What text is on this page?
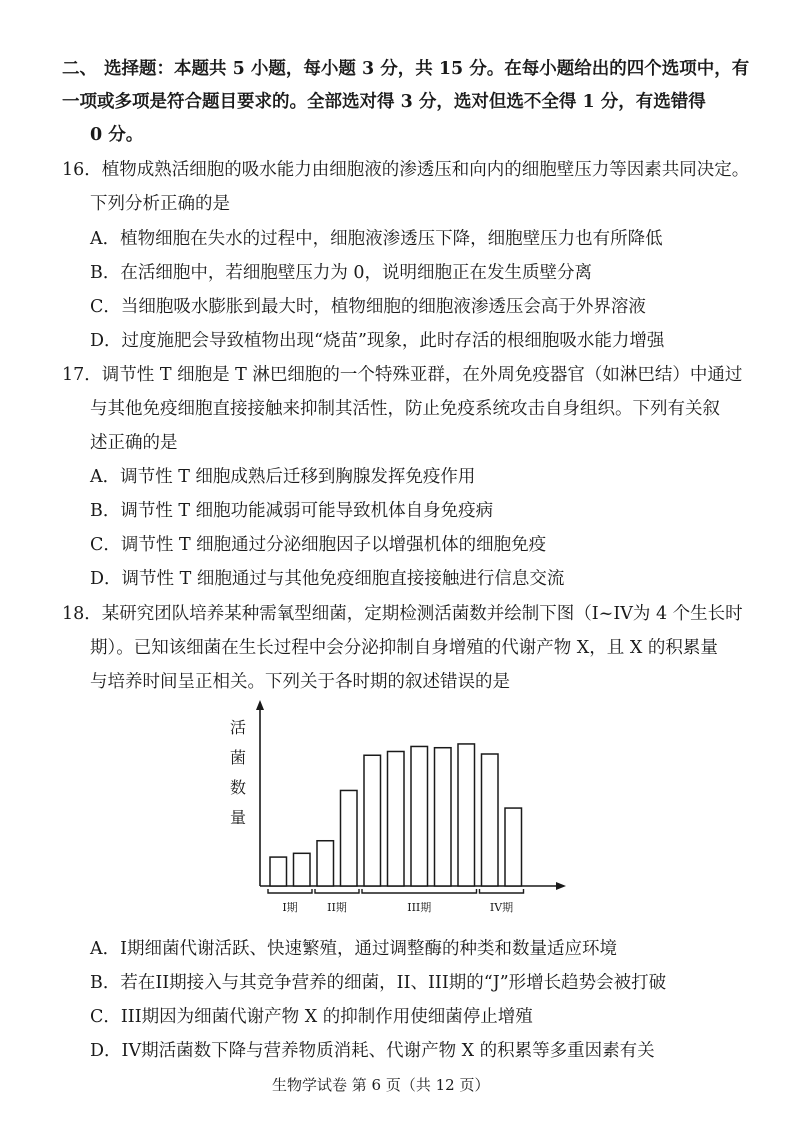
二、 选择题：本题共 5 小题，每小题 3 分，共 15 分。在每小题给出的四个选项中，有
一项或多项是符合题目要求的。全部选对得 3 分，选对但选不全得 1 分，有选错得
0 分。
16．植物成熟活细胞的吸水能力由细胞液的渗透压和向内的细胞壁压力等因素共同决定。
下列分析正确的是
A．植物细胞在失水的过程中，细胞液渗透压下降，细胞壁压力也有所降低
B．在活细胞中，若细胞壁压力为 0，说明细胞正在发生质壁分离
C．当细胞吸水膨胀到最大时，植物细胞的细胞液渗透压会高于外界溶液
D．过度施肥会导致植物出现“烧苗”现象，此时存活的根细胞吸水能力增强
17．调节性 T 细胞是 T 淋巴细胞的一个特殊亚群，在外周免疫器官（如淋巴结）中通过
与其他免疫细胞直接接触来抑制其活性，防止免疫系统攻击自身组织。下列有关叙
述正确的是
A．调节性 T 细胞成熟后迁移到胸腺发挥免疫作用
B．调节性 T 细胞功能减弱可能导致机体自身免疫病
C．调节性 T 细胞通过分泌细胞因子以增强机体的细胞免疫
D．调节性 T 细胞通过与其他免疫细胞直接接触进行信息交流
18．某研究团队培养某种需氧型细菌，定期检测活菌数并绘制下图（I~IV为 4 个生长时
期）。已知该细菌在生长过程中会分泌抑制自身增殖的代谢产物 X，且 X 的积累量
与培养时间呈正相关。下列关于各时期的叙述错误的是
活
菌
数
量
I期	II期	III期	IV期
A．I期细菌代谢活跃、快速繁殖，通过调整酶的种类和数量适应环境
B．若在II期接入与其竞争营养的细菌，II、III期的“J”形增长趋势会被打破
C．III期因为细菌代谢产物 X 的抑制作用使细菌停止增殖
D．IV期活菌数下降与营养物质消耗、代谢产物 X 的积累等多重因素有关
生物学试卷 第 6 页（共 12 页）
